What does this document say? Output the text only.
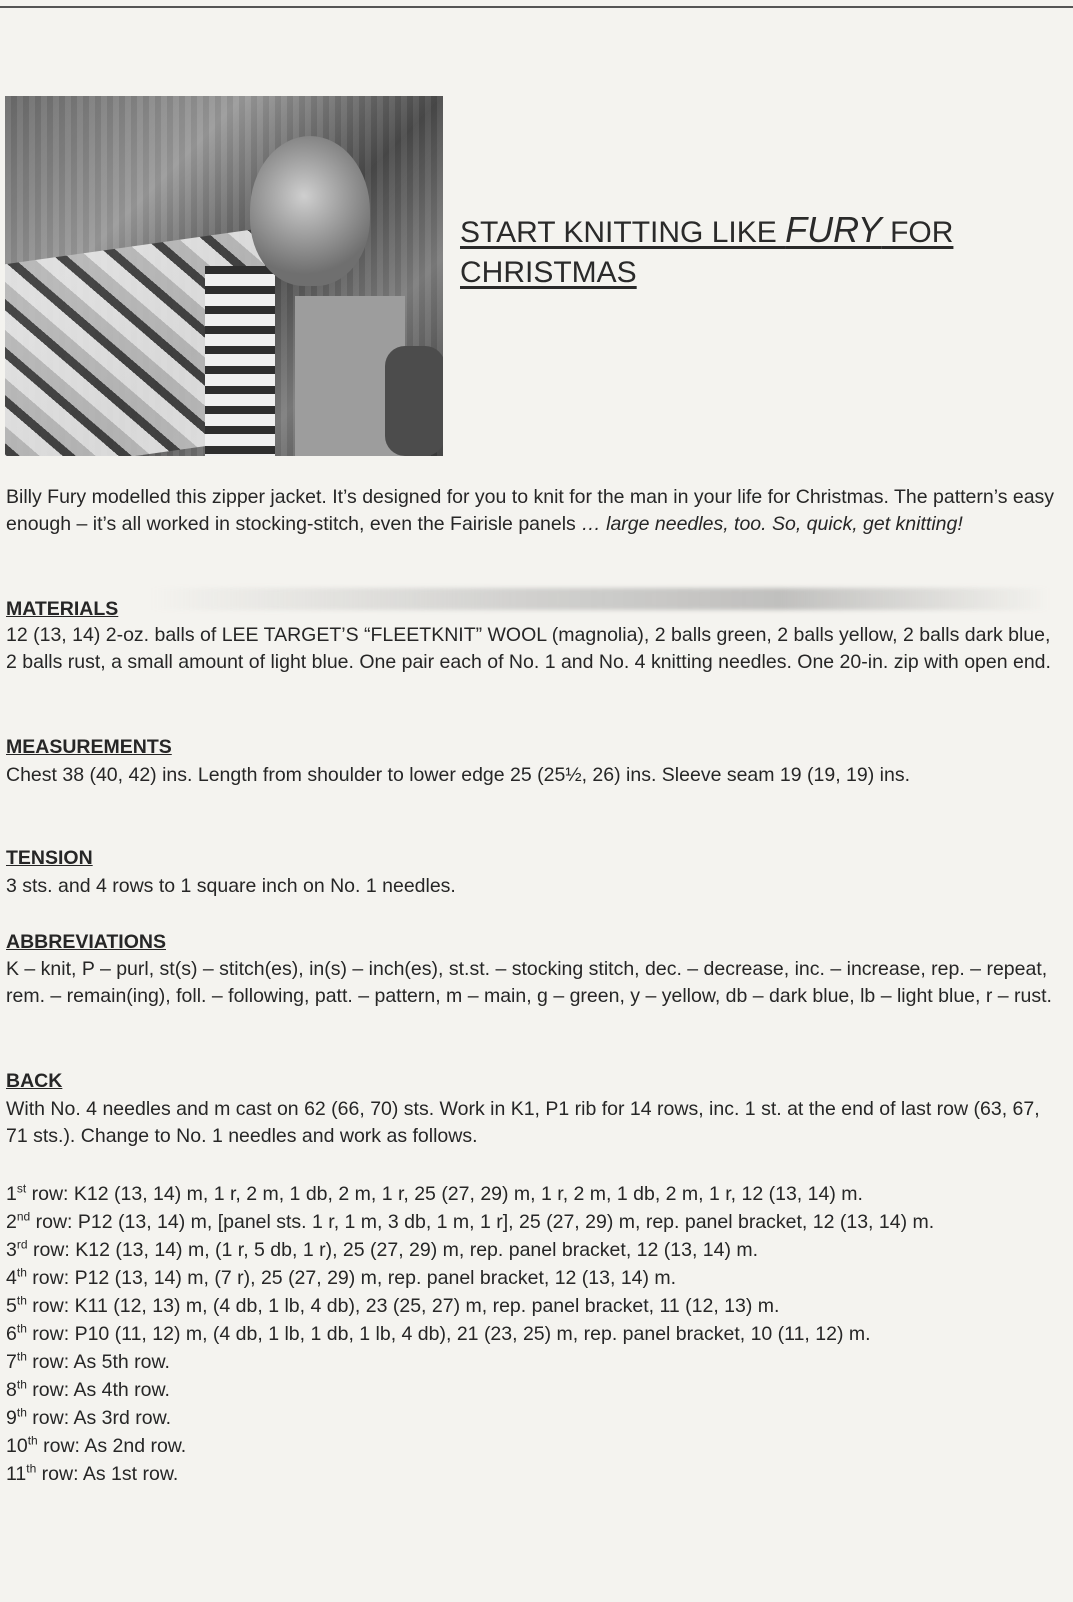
START KNITTING LIKE FURY FOR CHRISTMAS
Billy Fury modelled this zipper jacket. It’s designed for you to knit for the man in your life for Christmas. The pattern’s easy enough – it’s all worked in stocking-stitch, even the Fairisle panels … large needles, too. So, quick, get knitting!
MATERIALS
12 (13, 14) 2-oz. balls of LEE TARGET’S “FLEETKNIT” WOOL (magnolia), 2 balls green, 2 balls yellow, 2 balls dark blue, 2 balls rust, a small amount of light blue. One pair each of No. 1 and No. 4 knitting needles. One 20-in. zip with open end.
MEASUREMENTS
Chest 38 (40, 42) ins. Length from shoulder to lower edge 25 (25½, 26) ins. Sleeve seam 19 (19, 19) ins.
TENSION
3 sts. and 4 rows to 1 square inch on No. 1 needles.
ABBREVIATIONS
K – knit, P – purl, st(s) – stitch(es), in(s) – inch(es), st.st. – stocking stitch, dec. – decrease, inc. – increase, rep. – repeat, rem. – remain(ing), foll. – following, patt. – pattern, m – main, g – green, y – yellow, db – dark blue, lb – light blue, r – rust.
BACK
With No. 4 needles and m cast on 62 (66, 70) sts. Work in K1, P1 rib for 14 rows, inc. 1 st. at the end of last row (63, 67, 71 sts.). Change to No. 1 needles and work as follows.
1st row: K12 (13, 14) m, 1 r, 2 m, 1 db, 2 m, 1 r, 25 (27, 29) m, 1 r, 2 m, 1 db, 2 m, 1 r, 12 (13, 14) m.
2nd row: P12 (13, 14) m, [panel sts. 1 r, 1 m, 3 db, 1 m, 1 r], 25 (27, 29) m, rep. panel bracket, 12 (13, 14) m.
3rd row: K12 (13, 14) m, (1 r, 5 db, 1 r), 25 (27, 29) m, rep. panel bracket, 12 (13, 14) m.
4th row: P12 (13, 14) m, (7 r), 25 (27, 29) m, rep. panel bracket, 12 (13, 14) m.
5th row: K11 (12, 13) m, (4 db, 1 lb, 4 db), 23 (25, 27) m, rep. panel bracket, 11 (12, 13) m.
6th row: P10 (11, 12) m, (4 db, 1 lb, 1 db, 1 lb, 4 db), 21 (23, 25) m, rep. panel bracket, 10 (11, 12) m.
7th row: As 5th row.
8th row: As 4th row.
9th row: As 3rd row.
10th row: As 2nd row.
11th row: As 1st row.
